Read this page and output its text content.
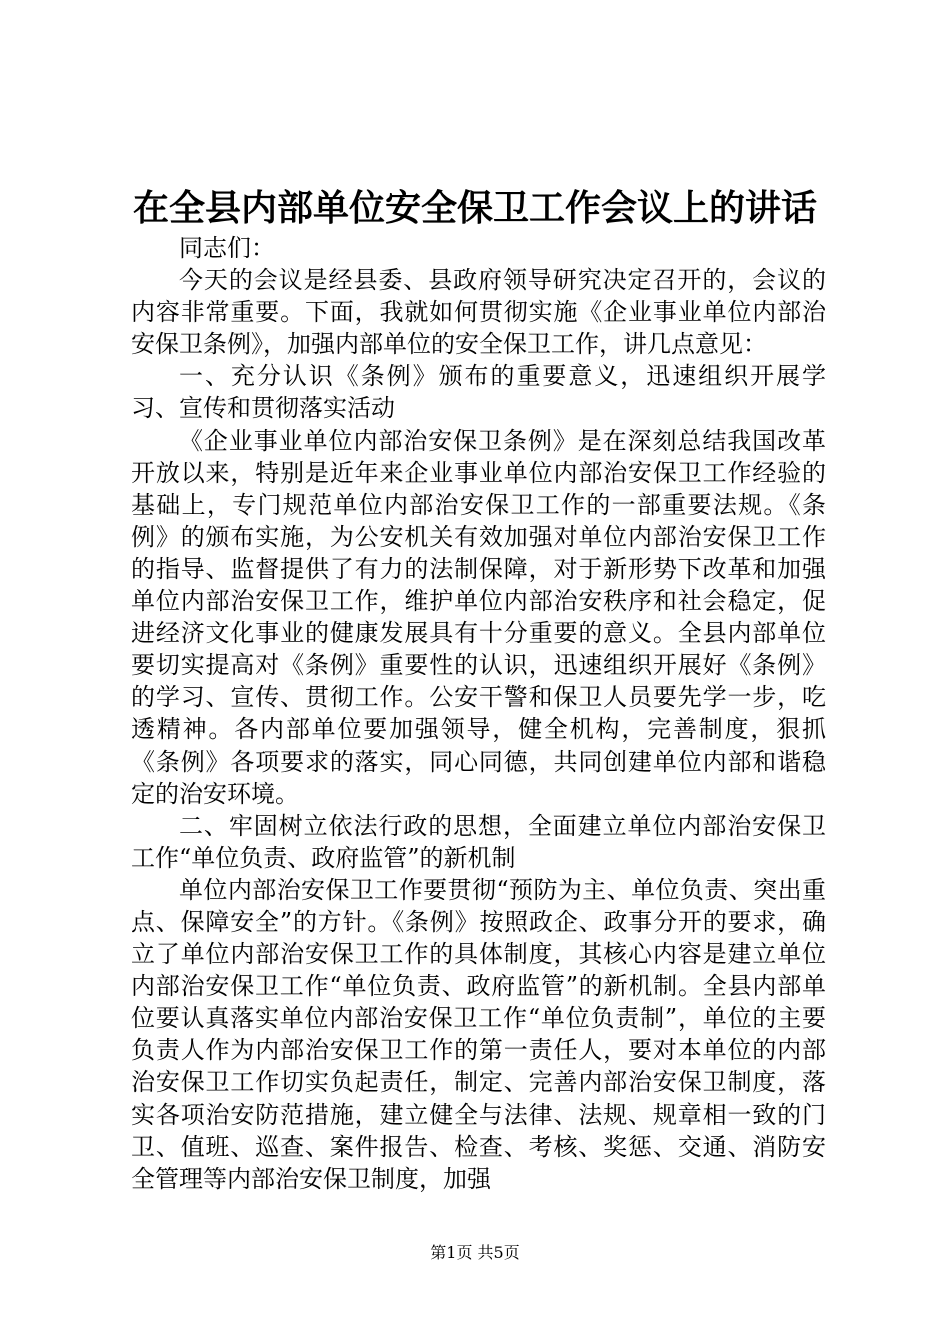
在全县内部单位安全保卫工作会议上的讲话

同志们：

今天的会议是经县委、县政府领导研究决定召开的，会议的内容非常重要。下面，我就如何贯彻实施《企业事业单位内部治安保卫条例》，加强内部单位的安全保卫工作，讲几点意见：

一、充分认识《条例》颁布的重要意义，迅速组织开展学习、宣传和贯彻落实活动

《企业事业单位内部治安保卫条例》是在深刻总结我国改革开放以来，特别是近年来企业事业单位内部治安保卫工作经验的基础上，专门规范单位内部治安保卫工作的一部重要法规。《条例》的颁布实施，为公安机关有效加强对单位内部治安保卫工作的指导、监督提供了有力的法制保障，对于新形势下改革和加强单位内部治安保卫工作，维护单位内部治安秩序和社会稳定，促进经济文化事业的健康发展具有十分重要的意义。全县内部单位要切实提高对《条例》重要性的认识，迅速组织开展好《条例》的学习、宣传、贯彻工作。公安干警和保卫人员要先学一步，吃透精神。各内部单位要加强领导，健全机构，完善制度，狠抓《条例》各项要求的落实，同心同德，共同创建单位内部和谐稳定的治安环境。

二、牢固树立依法行政的思想，全面建立单位内部治安保卫工作“单位负责、政府监管”的新机制

单位内部治安保卫工作要贯彻“预防为主、单位负责、突出重点、保障安全”的方针。《条例》按照政企、政事分开的要求，确立了单位内部治安保卫工作的具体制度，其核心内容是建立单位内部治安保卫工作“单位负责、政府监管”的新机制。全县内部单位要认真落实单位内部治安保卫工作“单位负责制”，单位的主要负责人作为内部治安保卫工作的第一责任人，要对本单位的内部治安保卫工作切实负起责任，制定、完善内部治安保卫制度，落实各项治安防范措施，建立健全与法律、法规、规章相一致的门卫、值班、巡查、案件报告、检查、考核、奖惩、交通、消防安全管理等内部治安保卫制度，加强

第1页 共5页
